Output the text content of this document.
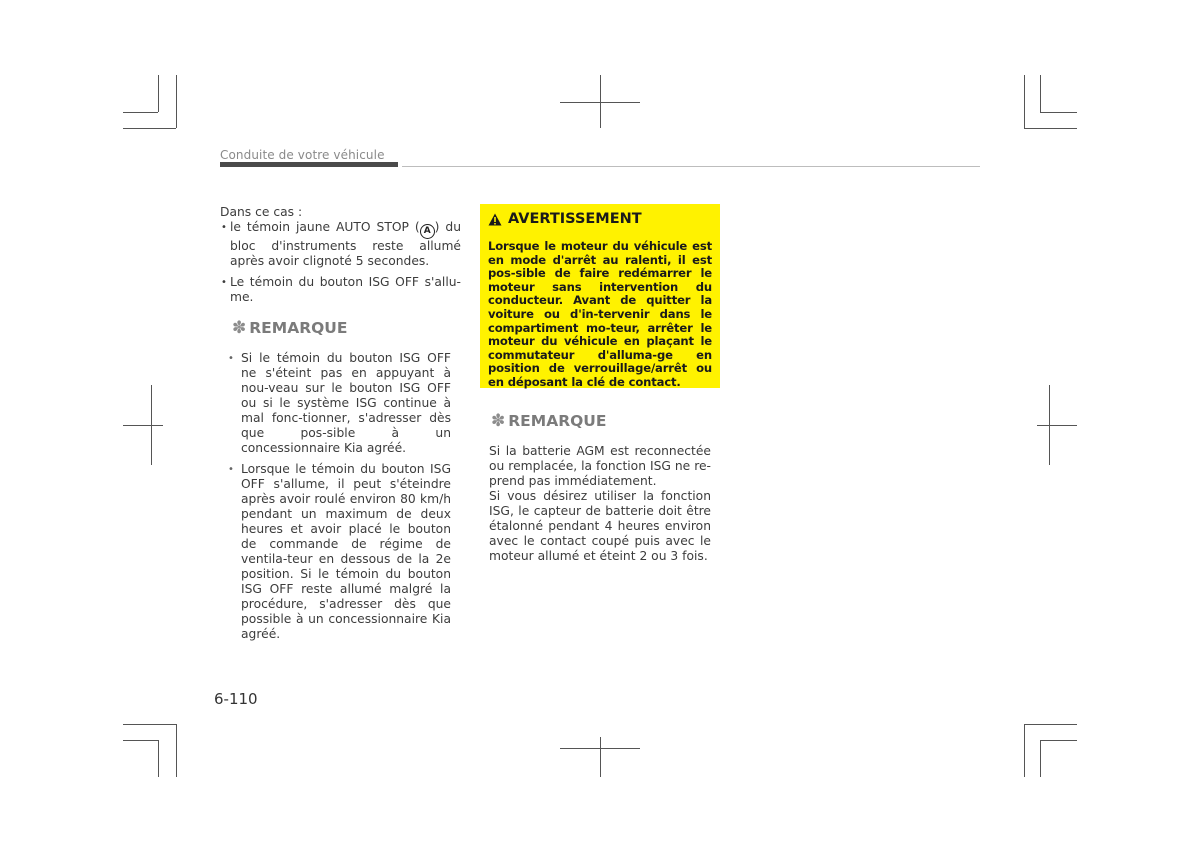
Conduite de votre véhicule

Dans ce cas :

• le témoin jaune AUTO STOP ( A ) du bloc d'instruments reste allumé après avoir clignoté 5 secondes.
• Le témoin du bouton ISG OFF s'allu-me.
✽ REMARQUE
• Si le témoin du bouton ISG OFF ne s'éteint pas en appuyant à nou-veau sur le bouton ISG OFF ou si le système ISG continue à mal fonc-tionner, s'adresser dès que pos-sible à un concessionnaire Kia agréé.
• Lorsque le témoin du bouton ISG OFF s'allume, il peut s'éteindre après avoir roulé environ 80 km/h pendant un maximum de deux heures et avoir placé le bouton de commande de régime de ventila-teur en dessous de la 2e position. Si le témoin du bouton ISG OFF reste allumé malgré la procédure, s'adresser dès que possible à un concessionnaire Kia agréé.
AVERTISSEMENT

Lorsque le moteur du véhicule est en mode d'arrêt au ralenti, il est pos-sible de faire redémarrer le moteur sans intervention du conducteur. Avant de quitter la voiture ou d'in-tervenir dans le compartiment mo-teur, arrêter le moteur du véhicule en plaçant le commutateur d'alluma-ge en position de verrouillage/arrêt ou en déposant la clé de contact.

✽ REMARQUE

Si la batterie AGM est reconnectée ou remplacée, la fonction ISG ne re-prend pas immédiatement.

Si vous désirez utiliser la fonction ISG, le capteur de batterie doit être étalonné pendant 4 heures environ avec le contact coupé puis avec le moteur allumé et éteint 2 ou 3 fois.

6-110
